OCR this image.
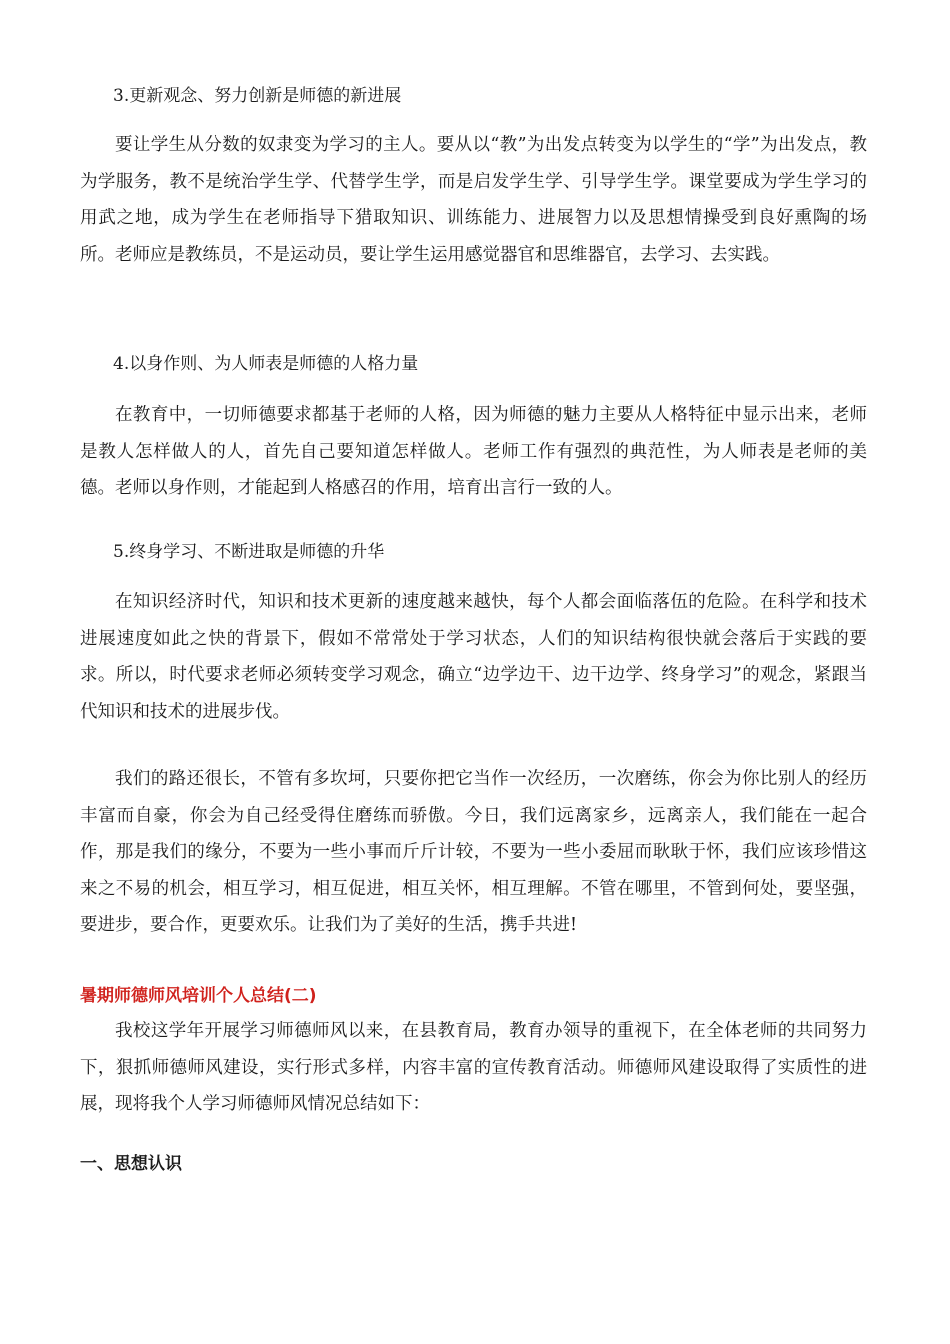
3.更新观念、努力创新是师德的新进展

要让学生从分数的奴隶变为学习的主人。要从以“教”为出发点转变为以学生的“学”为出发点，教为学服务，教不是统治学生学、代替学生学，而是启发学生学、引导学生学。课堂要成为学生学习的用武之地，成为学生在老师指导下猎取知识、训练能力、进展智力以及思想情操受到良好熏陶的场所。老师应是教练员，不是运动员，要让学生运用感觉器官和思维器官，去学习、去实践。

4.以身作则、为人师表是师德的人格力量

在教育中，一切师德要求都基于老师的人格，因为师德的魅力主要从人格特征中显示出来，老师是教人怎样做人的人，首先自己要知道怎样做人。老师工作有强烈的典范性，为人师表是老师的美德。老师以身作则，才能起到人格感召的作用，培育出言行一致的人。

5.终身学习、不断进取是师德的升华

在知识经济时代，知识和技术更新的速度越来越快，每个人都会面临落伍的危险。在科学和技术进展速度如此之快的背景下，假如不常常处于学习状态，人们的知识结构很快就会落后于实践的要求。所以，时代要求老师必须转变学习观念，确立“边学边干、边干边学、终身学习”的观念，紧跟当代知识和技术的进展步伐。

我们的路还很长，不管有多坎坷，只要你把它当作一次经历，一次磨练，你会为你比别人的经历丰富而自豪，你会为自己经受得住磨练而骄傲。今日，我们远离家乡，远离亲人，我们能在一起合作，那是我们的缘分，不要为一些小事而斤斤计较，不要为一些小委屈而耿耿于怀，我们应该珍惜这来之不易的机会，相互学习，相互促进，相互关怀，相互理解。不管在哪里，不管到何处，要坚强，要进步，要合作，更要欢乐。让我们为了美好的生活，携手共进!

暑期师德师风培训个人总结(二)

我校这学年开展学习师德师风以来，在县教育局，教育办领导的重视下，在全体老师的共同努力下，狠抓师德师风建设，实行形式多样，内容丰富的宣传教育活动。师德师风建设取得了实质性的进展，现将我个人学习师德师风情况总结如下：

一、思想认识
